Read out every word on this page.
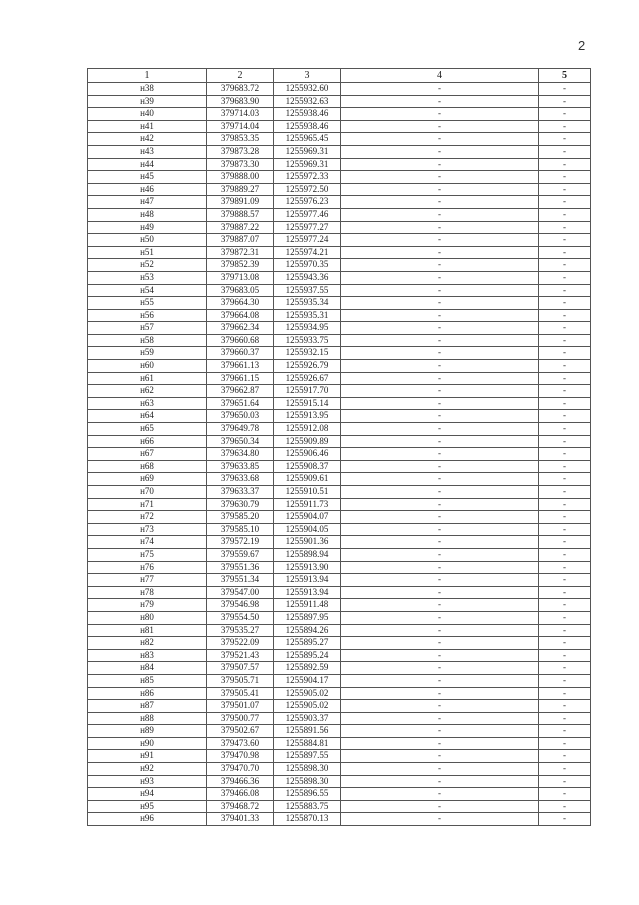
2
1	2	3	4	5
н38	379683.72	1255932.60	-	-
н39	379683.90	1255932.63	-	-
н40	379714.03	1255938.46	-	-
н41	379714.04	1255938.46	-	-
н42	379853.35	1255965.45	-	-
н43	379873.28	1255969.31	-	-
н44	379873.30	1255969.31	-	-
н45	379888.00	1255972.33	-	-
н46	379889.27	1255972.50	-	-
н47	379891.09	1255976.23	-	-
н48	379888.57	1255977.46	-	-
н49	379887.22	1255977.27	-	-
н50	379887.07	1255977.24	-	-
н51	379872.31	1255974.21	-	-
н52	379852.39	1255970.35	-	-
н53	379713.08	1255943.36	-	-
н54	379683.05	1255937.55	-	-
н55	379664.30	1255935.34	-	-
н56	379664.08	1255935.31	-	-
н57	379662.34	1255934.95	-	-
н58	379660.68	1255933.75	-	-
н59	379660.37	1255932.15	-	-
н60	379661.13	1255926.79	-	-
н61	379661.15	1255926.67	-	-
н62	379662.87	1255917.70	-	-
н63	379651.64	1255915.14	-	-
н64	379650.03	1255913.95	-	-
н65	379649.78	1255912.08	-	-
н66	379650.34	1255909.89	-	-
н67	379634.80	1255906.46	-	-
н68	379633.85	1255908.37	-	-
н69	379633.68	1255909.61	-	-
н70	379633.37	1255910.51	-	-
н71	379630.79	1255911.73	-	-
н72	379585.20	1255904.07	-	-
н73	379585.10	1255904.05	-	-
н74	379572.19	1255901.36	-	-
н75	379559.67	1255898.94	-	-
н76	379551.36	1255913.90	-	-
н77	379551.34	1255913.94	-	-
н78	379547.00	1255913.94	-	-
н79	379546.98	1255911.48	-	-
н80	379554.50	1255897.95	-	-
н81	379535.27	1255894.26	-	-
н82	379522.09	1255895.27	-	-
н83	379521.43	1255895.24	-	-
н84	379507.57	1255892.59	-	-
н85	379505.71	1255904.17	-	-
н86	379505.41	1255905.02	-	-
н87	379501.07	1255905.02	-	-
н88	379500.77	1255903.37	-	-
н89	379502.67	1255891.56	-	-
н90	379473.60	1255884.81	-	-
н91	379470.98	1255897.55	-	-
н92	379470.70	1255898.30	-	-
н93	379466.36	1255898.30	-	-
н94	379466.08	1255896.55	-	-
н95	379468.72	1255883.75	-	-
н96	379401.33	1255870.13	-	-
